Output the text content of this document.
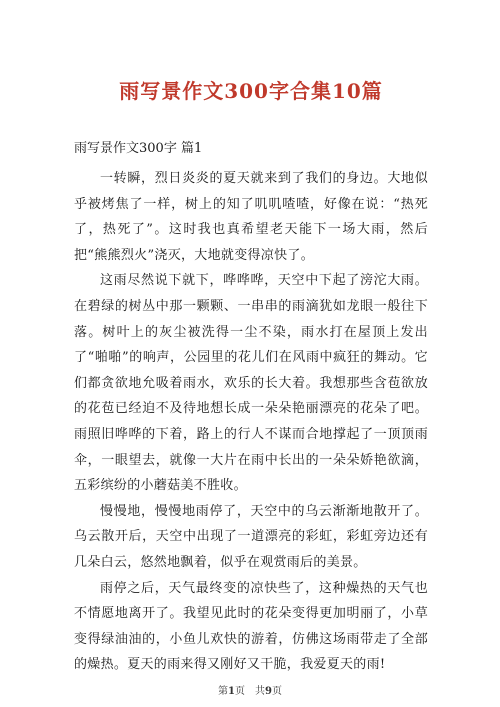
雨写景作文300字合集10篇
雨写景作文300字 篇1

一转瞬，烈日炎炎的夏天就来到了我们的身边。大地似乎被烤焦了一样，树上的知了叽叽喳喳，好像在说：“热死了，热死了”。这时我也真希望老天能下一场大雨，然后把“熊熊烈火”浇灭，大地就变得凉快了。

这雨尽然说下就下，哗哗哗，天空中下起了滂沱大雨。在碧绿的树丛中那一颗颗、一串串的雨滴犹如龙眼一般往下落。树叶上的灰尘被洗得一尘不染，雨水打在屋顶上发出了“啪啪”的响声，公园里的花儿们在风雨中疯狂的舞动。它们都贪欲地允吸着雨水，欢乐的长大着。我想那些含苞欲放的花苞已经迫不及待地想长成一朵朵艳丽漂亮的花朵了吧。雨照旧哗哗的下着，路上的行人不谋而合地撑起了一顶顶雨伞，一眼望去，就像一大片在雨中长出的一朵朵娇艳欲滴，五彩缤纷的小蘑菇美不胜收。

慢慢地，慢慢地雨停了，天空中的乌云渐渐地散开了。乌云散开后，天空中出现了一道漂亮的彩虹，彩虹旁边还有几朵白云，悠然地飘着，似乎在观赏雨后的美景。

雨停之后，天气最终变的凉快些了，这种燥热的天气也不情愿地离开了。我望见此时的花朵变得更加明丽了，小草变得绿油油的，小鱼儿欢快的游着，仿佛这场雨带走了全部的燥热。夏天的雨来得又刚好又干脆，我爱夏天的雨!

第1页　共9页
